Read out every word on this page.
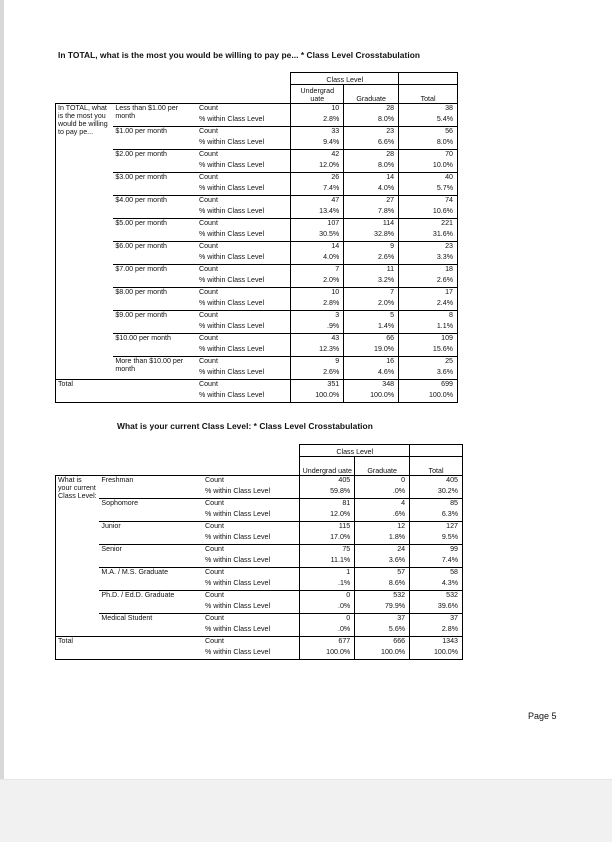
In TOTAL, what is the most you would be willing to pay pe... * Class Level Crosstabulation
			Class Level		
			Undergrad uate	Graduate	Total
In TOTAL, what is the most you would be willing to pay pe...	Less than $1.00 per month	Count	10	28	38
		% within Class Level	2.8%	8.0%	5.4%
	$1.00 per month	Count	33	23	56
		% within Class Level	9.4%	6.6%	8.0%
	$2.00 per month	Count	42	28	70
		% within Class Level	12.0%	8.0%	10.0%
	$3.00 per month	Count	26	14	40
		% within Class Level	7.4%	4.0%	5.7%
	$4.00 per month	Count	47	27	74
		% within Class Level	13.4%	7.8%	10.6%
	$5.00 per month	Count	107	114	221
		% within Class Level	30.5%	32.8%	31.6%
	$6.00 per month	Count	14	9	23
		% within Class Level	4.0%	2.6%	3.3%
	$7.00 per month	Count	7	11	18
		% within Class Level	2.0%	3.2%	2.6%
	$8.00 per month	Count	10	7	17
		% within Class Level	2.8%	2.0%	2.4%
	$9.00 per month	Count	3	5	8
		% within Class Level	.9%	1.4%	1.1%
	$10.00 per month	Count	43	66	109
		% within Class Level	12.3%	19.0%	15.6%
	More than $10.00 per month	Count	9	16	25
		% within Class Level	2.6%	4.6%	3.6%
Total		Count	351	348	699
		% within Class Level	100.0%	100.0%	100.0%
What is your current Class Level: * Class Level Crosstabulation
			Class Level		
			Undergrad uate	Graduate	Total
What is your current Class Level:	Freshman	Count	405	0	405
		% within Class Level	59.8%	.0%	30.2%
	Sophomore	Count	81	4	85
		% within Class Level	12.0%	.6%	6.3%
	Junior	Count	115	12	127
		% within Class Level	17.0%	1.8%	9.5%
	Senior	Count	75	24	99
		% within Class Level	11.1%	3.6%	7.4%
	M.A. / M.S. Graduate	Count	1	57	58
		% within Class Level	.1%	8.6%	4.3%
	Ph.D. / Ed.D. Graduate	Count	0	532	532
		% within Class Level	.0%	79.9%	39.6%
	Medical Student	Count	0	37	37
		% within Class Level	.0%	5.6%	2.8%
Total		Count	677	666	1343
		% within Class Level	100.0%	100.0%	100.0%
Page 5
